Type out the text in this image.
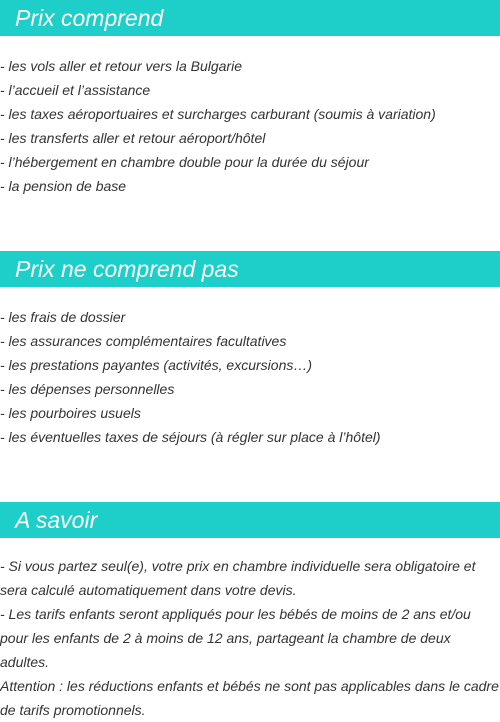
Prix comprend
- les vols aller et retour vers la Bulgarie
- l’accueil et l’assistance
- les taxes aéroportuaires et surcharges carburant (soumis à variation)
- les transferts aller et retour aéroport/hôtel
- l’hébergement en chambre double pour la durée du séjour
- la pension de base
Prix ne comprend pas
- les frais de dossier
- les assurances complémentaires facultatives
- les prestations payantes (activités, excursions…)
- les dépenses personnelles
- les pourboires usuels
- les éventuelles taxes de séjours (à régler sur place à l’hôtel)
A savoir

- Si vous partez seul(e), votre prix en chambre individuelle sera obligatoire et sera calculé automatiquement dans votre devis.

- Les tarifs enfants seront appliqués pour les bébés de moins de 2 ans et/ou pour les enfants de 2 à moins de 12 ans, partageant la chambre de deux adultes.

Attention : les réductions enfants et bébés ne sont pas applicables dans le cadre de tarifs promotionnels.
